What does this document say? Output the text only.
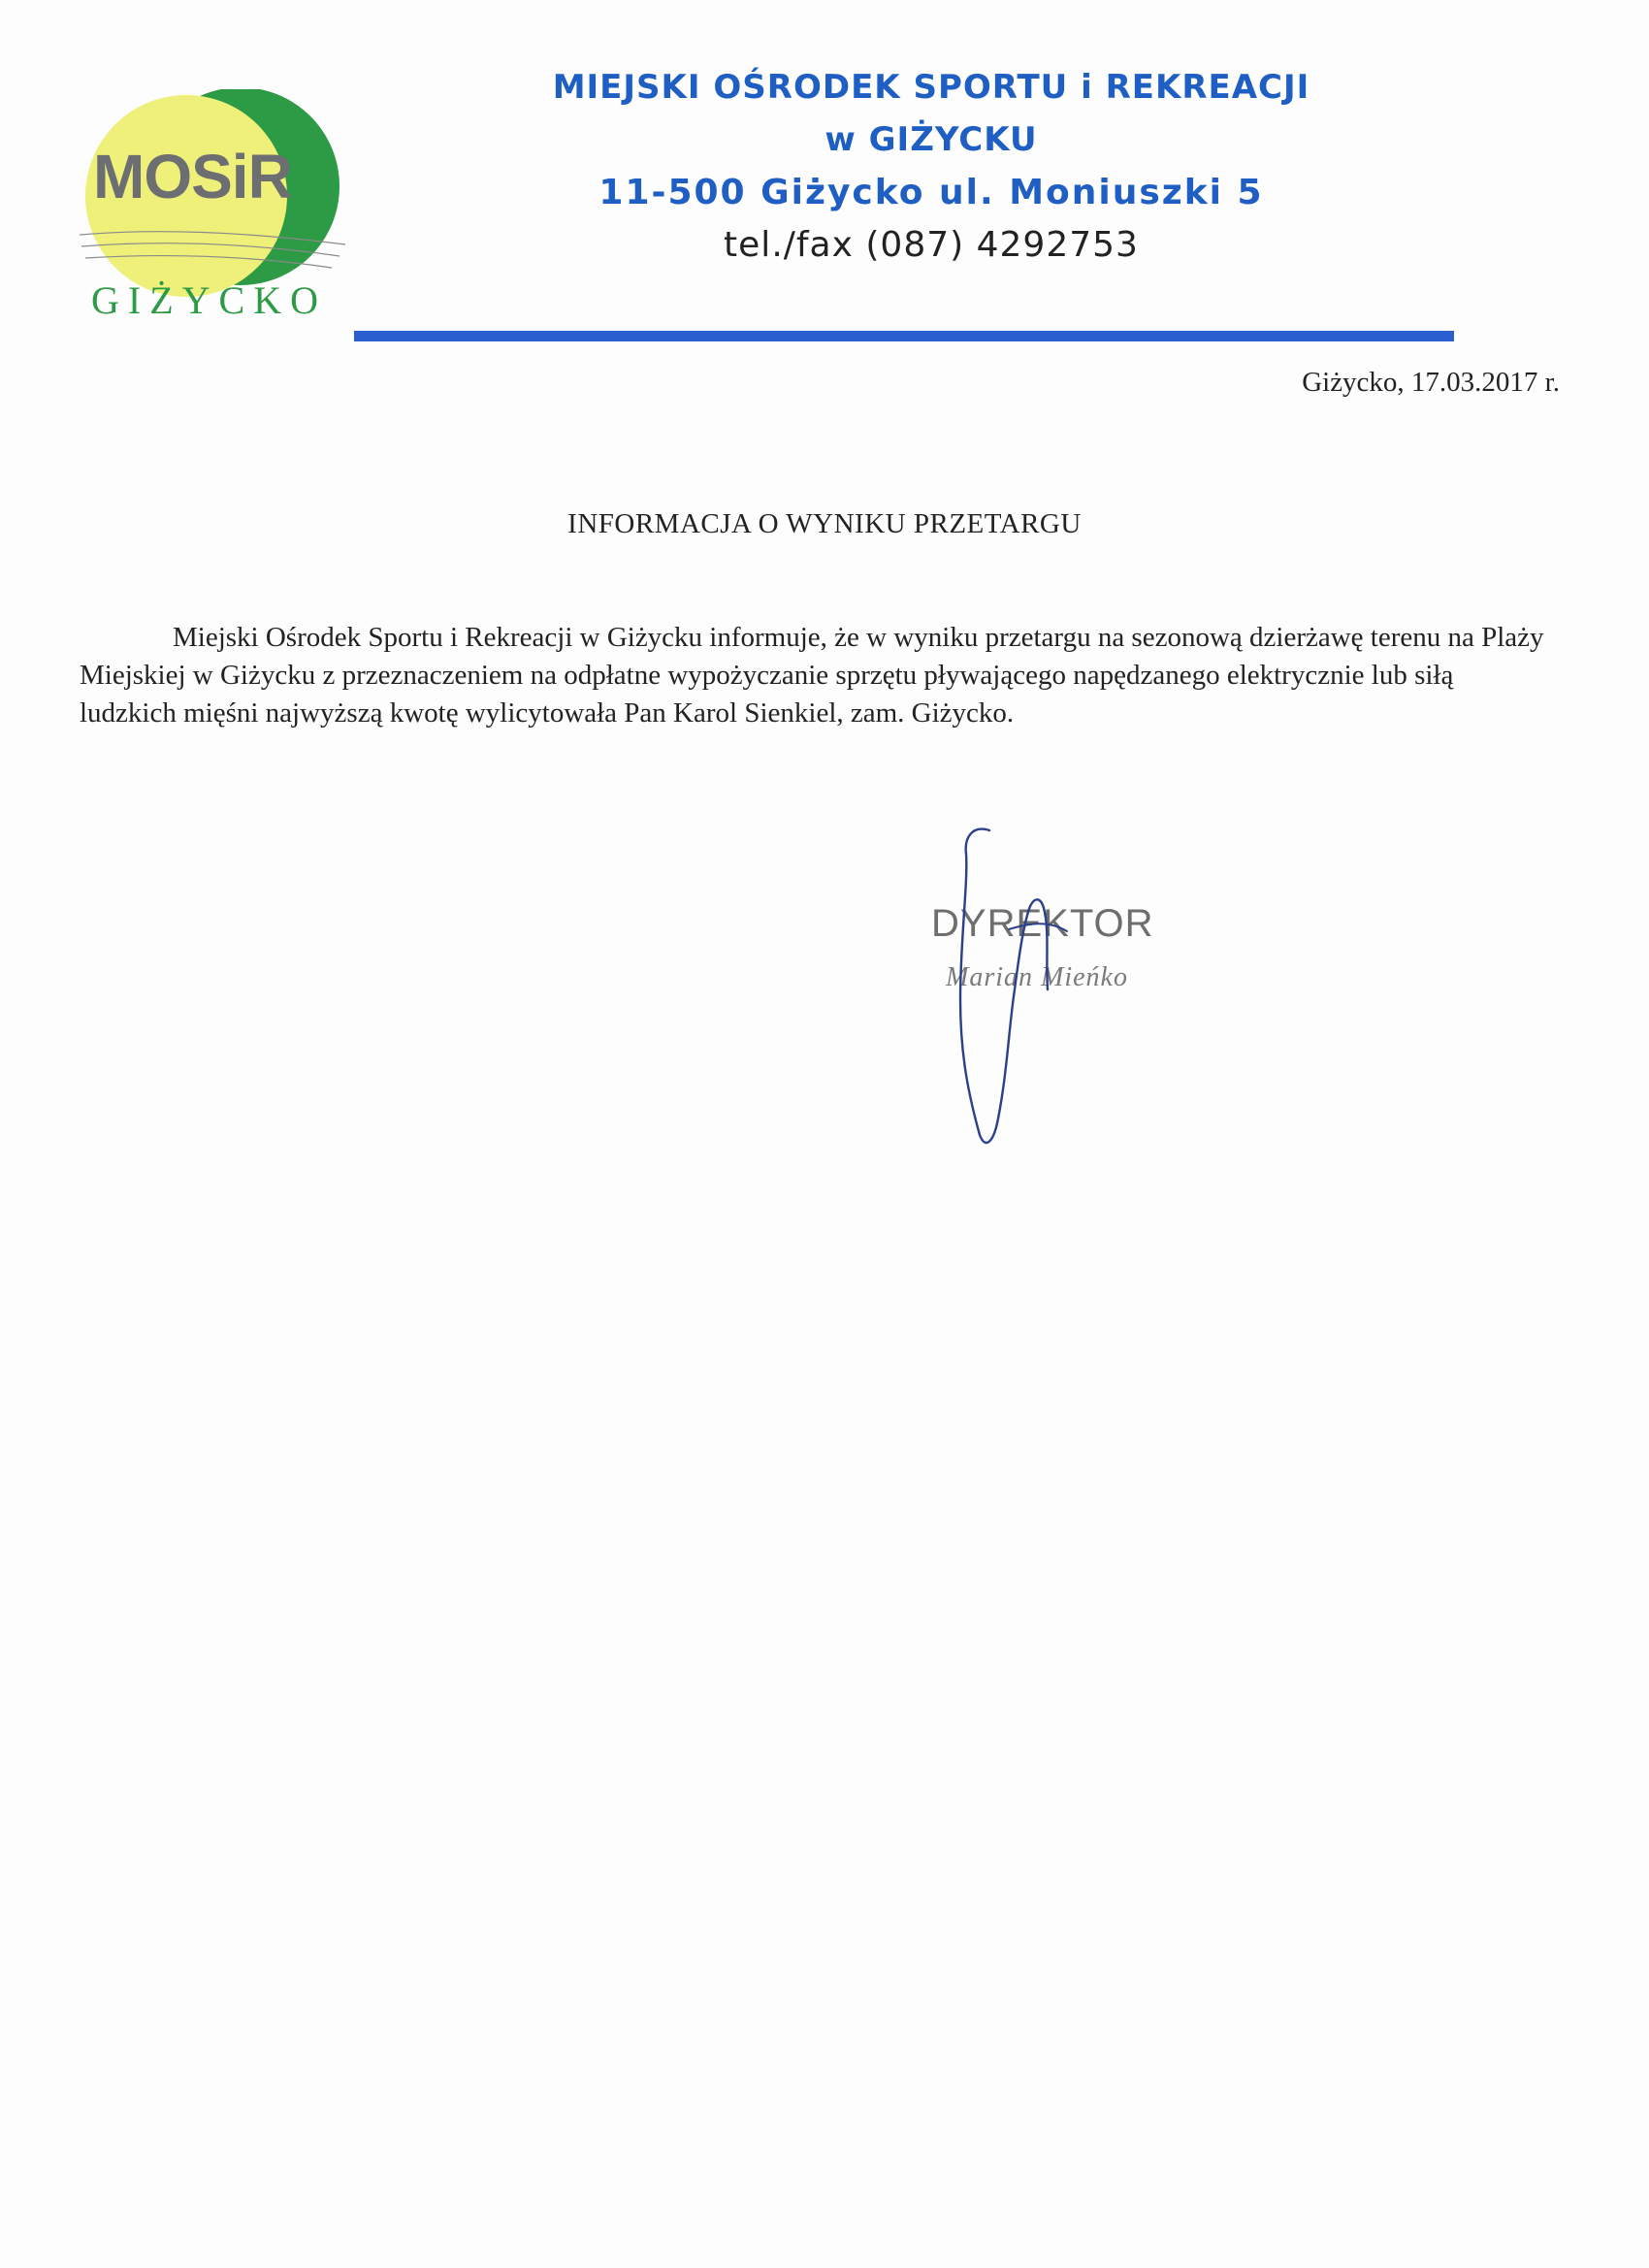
MOSiR
GIŻYCKO
MIEJSKI OŚRODEK SPORTU i REKREACJI
w GIŻYCKU
11-500 Giżycko ul. Moniuszki 5
tel./fax (087) 4292753
Giżycko, 17.03.2017 r.
INFORMACJA O WYNIKU PRZETARGU

Miejski Ośrodek Sportu i Rekreacji w Giżycku informuje, że w wyniku przetargu na sezonową dzierżawę terenu na Plaży Miejskiej w Giżycku z przeznaczeniem na odpłatne wypożyczanie sprzętu pływającego napędzanego elektrycznie lub siłą ludzkich mięśni najwyższą kwotę wylicytowała Pan Karol Sienkiel, zam. Giżycko.

DYREKTOR
Marian Mieńko
